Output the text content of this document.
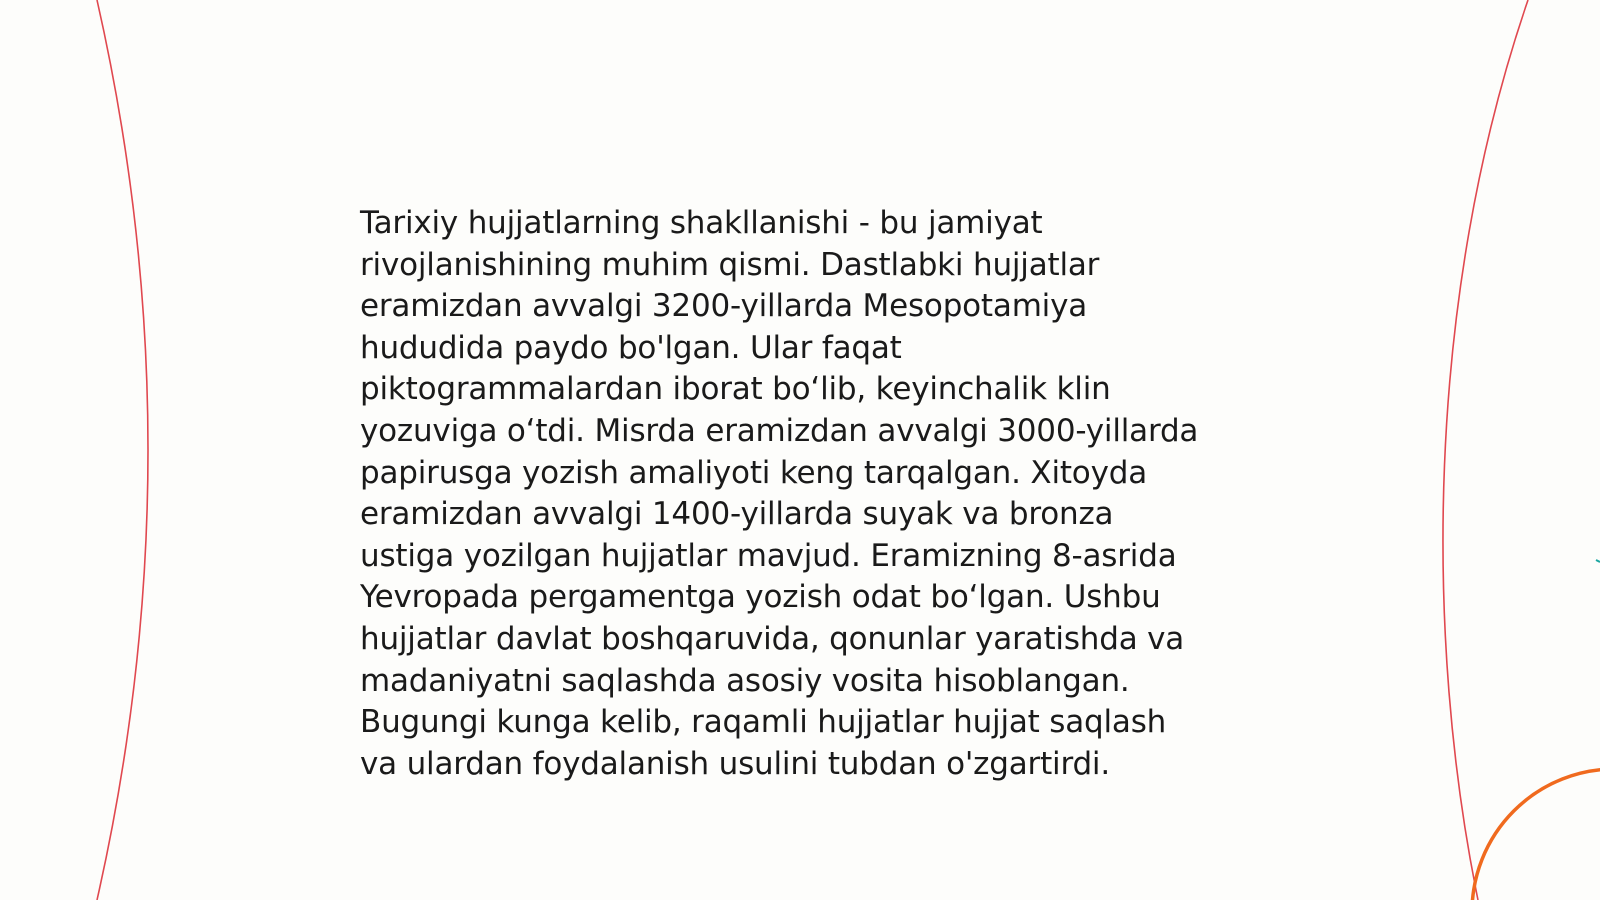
Tarixiy hujjatlarning shakllanishi - bu jamiyat
rivojlanishining muhim qismi. Dastlabki hujjatlar
eramizdan avvalgi 3200-yillarda Mesopotamiya
hududida paydo bo'lgan. Ular faqat
piktogrammalardan iborat bo‘lib, keyinchalik klin
yozuviga o‘tdi. Misrda eramizdan avvalgi 3000-yillarda
papirusga yozish amaliyoti keng tarqalgan. Xitoyda
eramizdan avvalgi 1400-yillarda suyak va bronza
ustiga yozilgan hujjatlar mavjud. Eramizning 8-asrida
Yevropada pergamentga yozish odat bo‘lgan. Ushbu
hujjatlar davlat boshqaruvida, qonunlar yaratishda va
madaniyatni saqlashda asosiy vosita hisoblangan.
Bugungi kunga kelib, raqamli hujjatlar hujjat saqlash
va ulardan foydalanish usulini tubdan o'zgartirdi.
